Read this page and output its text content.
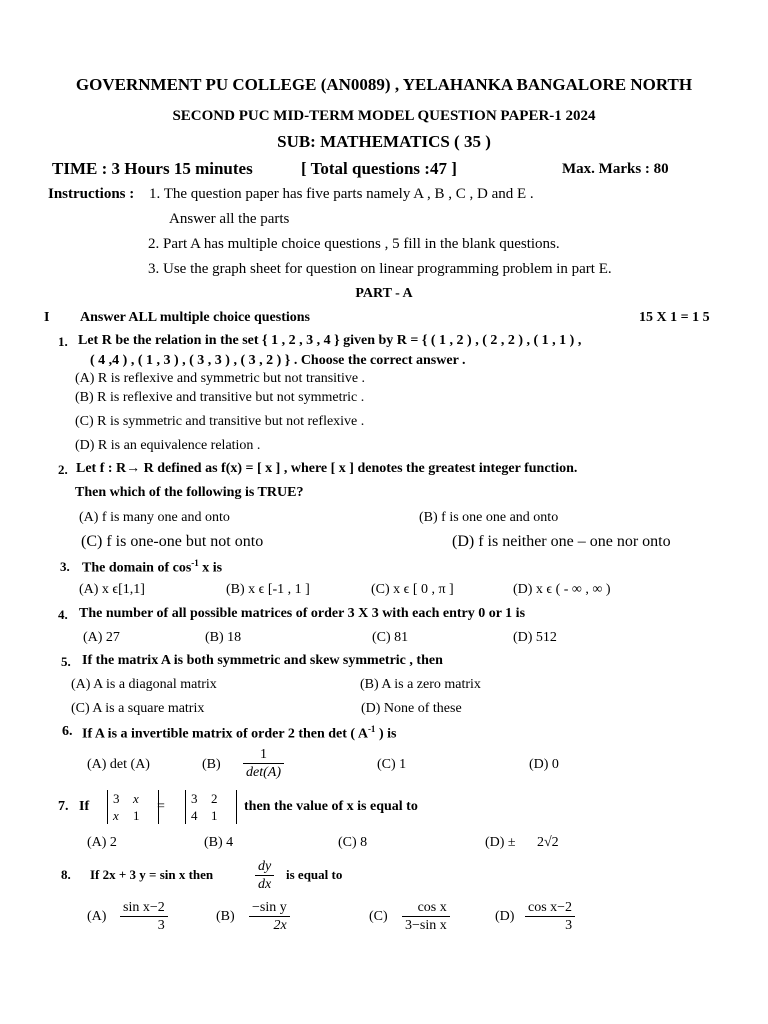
GOVERNMENT PU COLLEGE (AN0089) , YELAHANKA BANGALORE NORTH
SECOND PUC MID-TERM MODEL QUESTION PAPER-1 2024
SUB: MATHEMATICS ( 35 )
TIME : 3 Hours 15 minutes	[ Total questions :47 ]	Max. Marks : 80
Instructions : 1. The question paper has five parts namely A , B , C , D and E .
Answer all the parts
2. Part A has multiple choice questions , 5 fill in the blank questions.
3. Use the graph sheet for question on linear programming problem in part E.
PART - A
I Answer ALL multiple choice questions	15 X 1 = 1 5
1. Let R be the relation in the set { 1 , 2 , 3 , 4 } given by R = { ( 1 , 2 ) , ( 2 , 2 ) , ( 1 , 1 ) ,
( 4 ,4 ) , ( 1 , 3 ) , ( 3 , 3 ) , ( 3 , 2 ) } . Choose the correct answer .
(A) R is reflexive and symmetric but not transitive .
(B) R is reflexive and transitive but not symmetric .
(C) R is symmetric and transitive but not reflexive .
(D) R is an equivalence relation .
2. Let f : R→ R defined as f(x) = [ x ] , where [ x ] denotes the greatest integer function.
Then which of the following is TRUE?
(A) f is many one and onto	(B) f is one one and onto
(C) f is one-one but not onto	(D) f is neither one – one nor onto
3. The domain of $\cos^{-1} x$ is
(A) x ϵ[1,1]	(B) x ϵ [-1 , 1 ]	(C) x ϵ [ 0 , π ]	(D) x ϵ ( - ∞ , ∞ )
4. The number of all possible matrices of order 3 X 3 with each entry 0 or 1 is
(A) 27	(B) 18	(C) 81	(D) 512
5. If the matrix A is both symmetric and skew symmetric , then
(A) A is a diagonal matrix	(B) A is a zero matrix
(C) A is a square matrix	(D) None of these
6. If A is a invertible matrix of order 2 then det ( $A^{-1}$ ) is
(A) det (A)	(B)
1
det(A)
(C) 1	(D) 0
7. If
3 x
x 1
=
3 2
4 1
then the value of x is equal to
(A) 2	(B) 4	(C) 8	(D) ± 2√2
8. If 2x + 3 y = sin x then	$\frac{dy}{dx}$ is equal to
$(A) \frac{\text{sin x−2}}{3}$	$(B) \frac{\text{−sin y}}{2x}$	$(C) \frac{\text{cos x}}{\text{3−sin x}}$	$(D) \frac{\text{cos x−2}}{3}$
